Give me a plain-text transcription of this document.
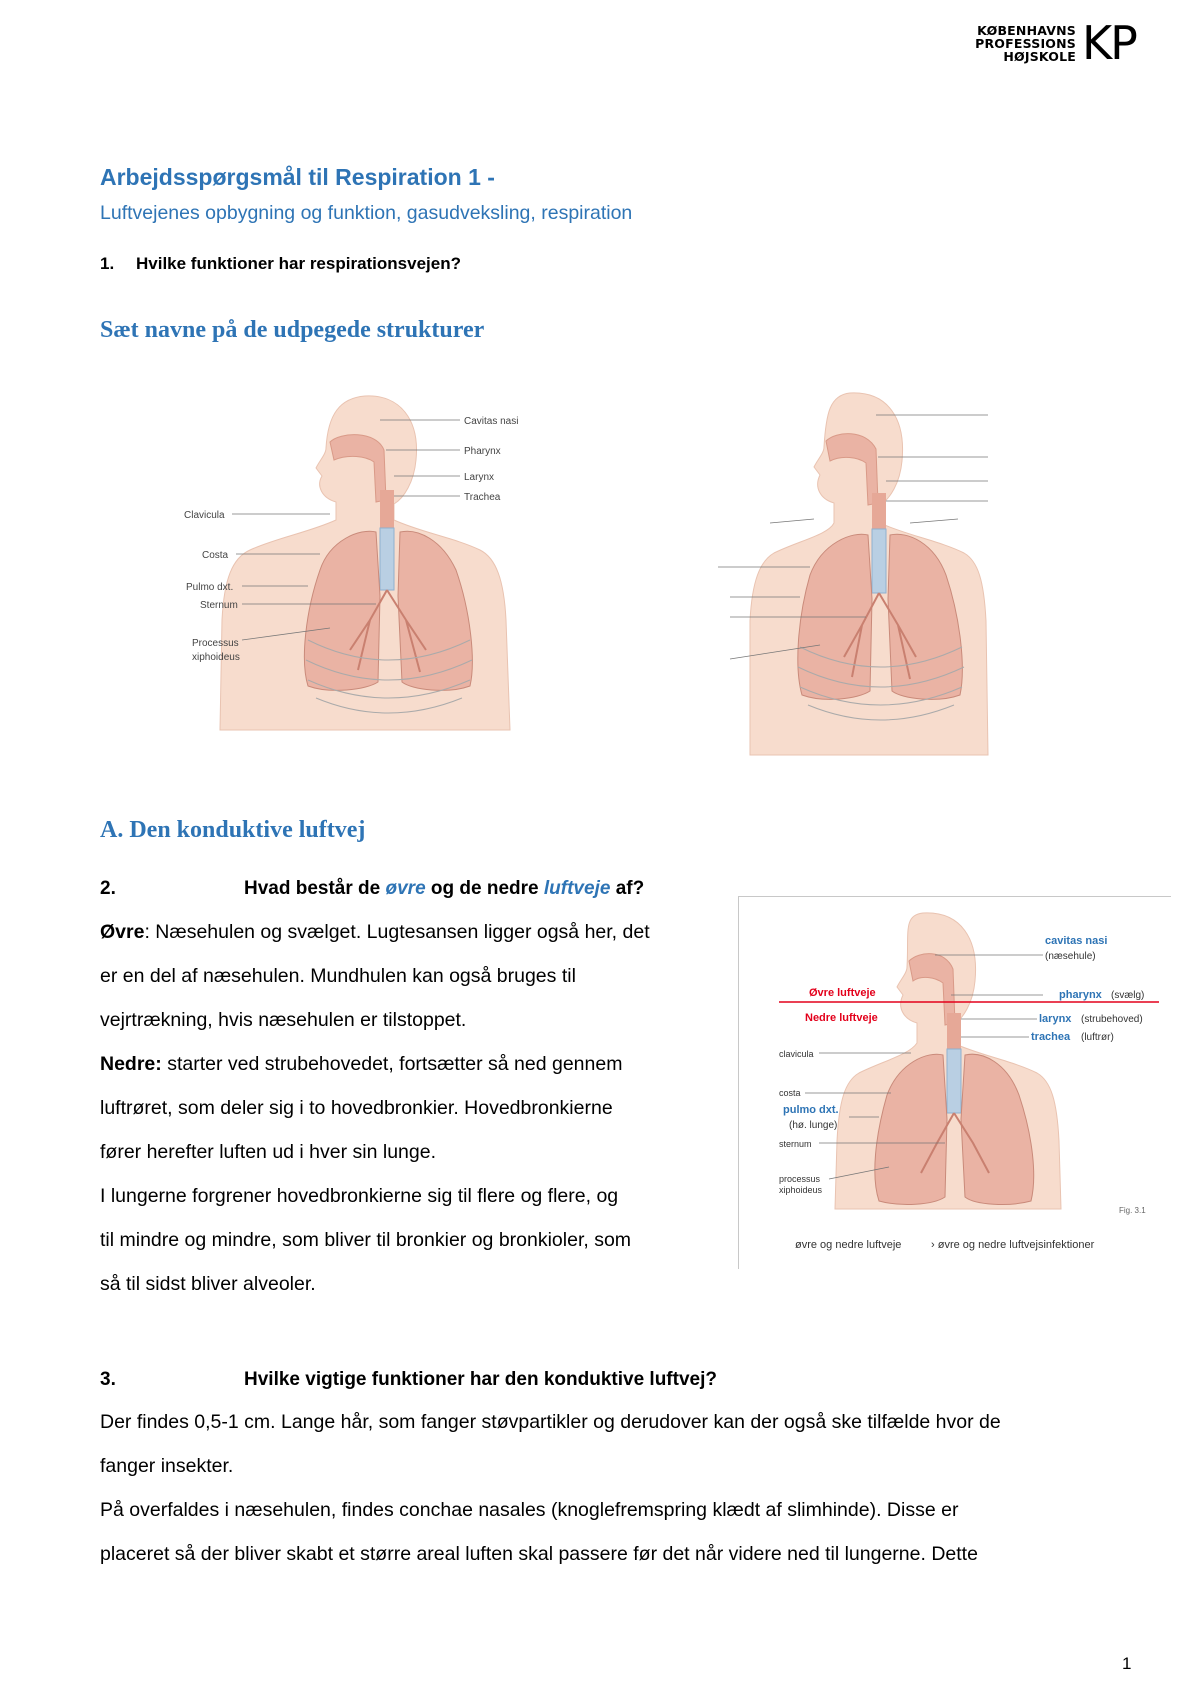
KØBENHAVNS
PROFESSIONS
HØJSKOLE KP
Arbejdsspørgsmål til Respiration 1 -
Luftvejenes opbygning og funktion, gasudveksling, respiration
1. Hvilke funktioner har respirationsvejen?
Sæt navne på de udpegede strukturer
Cavitas nasi
Pharynx
Larynx
Trachea
Clavicula
Costa
Pulmo dxt.
Sternum
Processus
xiphoideus
A. Den konduktive luftvej
2.	Hvad består de øvre og de nedre luftveje af?
Øvre: Næsehulen og svælget. Lugtesansen ligger også her, det
er en del af næsehulen. Mundhulen kan også bruges til
vejrtrækning, hvis næsehulen er tilstoppet.
Nedre: starter ved strubehovedet, fortsætter så ned gennem
luftrøret, som deler sig i to hovedbronkier. Hovedbronkierne
fører herefter luften ud i hver sin lunge.
I lungerne forgrener hovedbronkierne sig til flere og flere, og
til mindre og mindre, som bliver til bronkier og bronkioler, som
så til sidst bliver alveoler.
cavitas nasi
(næsehule)
Øvre luftveje
Nedre luftveje
pharynx (svælg)
larynx (strubehoved)
trachea (luftrør)
clavicula
costa
pulmo dxt.
(hø. lunge)
sternum
processus
xiphoideus
Fig. 3.1
øvre og nedre luftveje	› øvre og nedre luftvejsinfektioner
3.	Hvilke vigtige funktioner har den konduktive luftvej?
Der findes 0,5-1 cm. Lange hår, som fanger støvpartikler og derudover kan der også ske tilfælde hvor de
fanger insekter.
På overfaldes i næsehulen, findes conchae nasales (knoglefremspring klædt af slimhinde). Disse er
placeret så der bliver skabt et større areal luften skal passere før det når videre ned til lungerne. Dette
1
